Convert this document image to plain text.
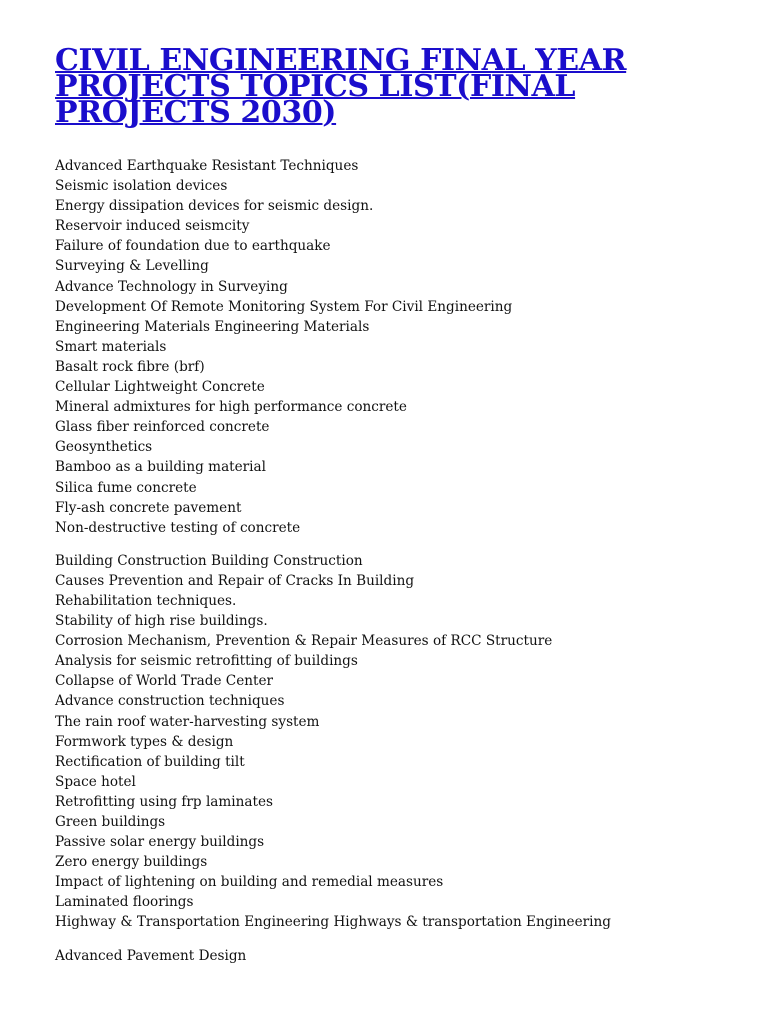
CIVIL ENGINEERING FINAL YEAR PROJECTS TOPICS LIST(FINAL PROJECTS 2030)
Advanced Earthquake Resistant Techniques
Seismic isolation devices
Energy dissipation devices for seismic design.
Reservoir induced seismcity
Failure of foundation due to earthquake
Surveying & Levelling
Advance Technology in Surveying
Development Of Remote Monitoring System For Civil Engineering
Engineering Materials Engineering Materials
Smart materials
Basalt rock fibre (brf)
Cellular Lightweight Concrete
Mineral admixtures for high performance concrete
Glass fiber reinforced concrete
Geosynthetics
Bamboo as a building material
Silica fume concrete
Fly-ash concrete pavement
Non-destructive testing of concrete
Building Construction Building Construction
Causes Prevention and Repair of Cracks In Building
Rehabilitation techniques.
Stability of high rise buildings.
Corrosion Mechanism, Prevention & Repair Measures of RCC Structure
Analysis for seismic retrofitting of buildings
Collapse of World Trade Center
Advance construction techniques
The rain roof water-harvesting system
Formwork types & design
Rectification of building tilt
Space hotel
Retrofitting using frp laminates
Green buildings
Passive solar energy buildings
Zero energy buildings
Impact of lightening on building and remedial measures
Laminated floorings
Highway & Transportation Engineering Highways & transportation Engineering
Advanced Pavement Design
